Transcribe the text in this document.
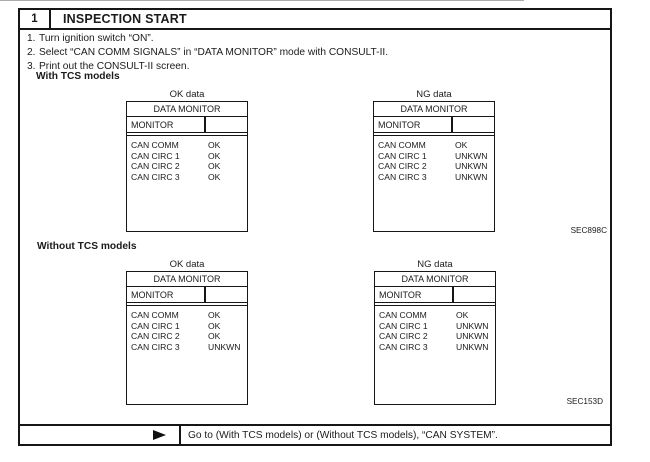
1	INSPECTION START
1. Turn ignition switch “ON”.
2. Select “CAN COMM SIGNALS” in “DATA MONITOR” mode with CONSULT-II.
3. Print out the CONSULT-II screen.
With TCS models
OK data
DATA MONITOR
MONITOR
CAN COMM	OK
CAN CIRC 1	OK
CAN CIRC 2	OK
CAN CIRC 3	OK
NG data
DATA MONITOR
MONITOR
CAN COMM	OK
CAN CIRC 1	UNKWN
CAN CIRC 2	UNKWN
CAN CIRC 3	UNKWN
SEC898C
Without TCS models
OK data
DATA MONITOR
MONITOR
CAN COMM	OK
CAN CIRC 1	OK
CAN CIRC 2	OK
CAN CIRC 3	UNKWN
NG data
DATA MONITOR
MONITOR
CAN COMM	OK
CAN CIRC 1	UNKWN
CAN CIRC 2	UNKWN
CAN CIRC 3	UNKWN
SEC153D
Go to (With TCS models) or (Without TCS models), “CAN SYSTEM”.
